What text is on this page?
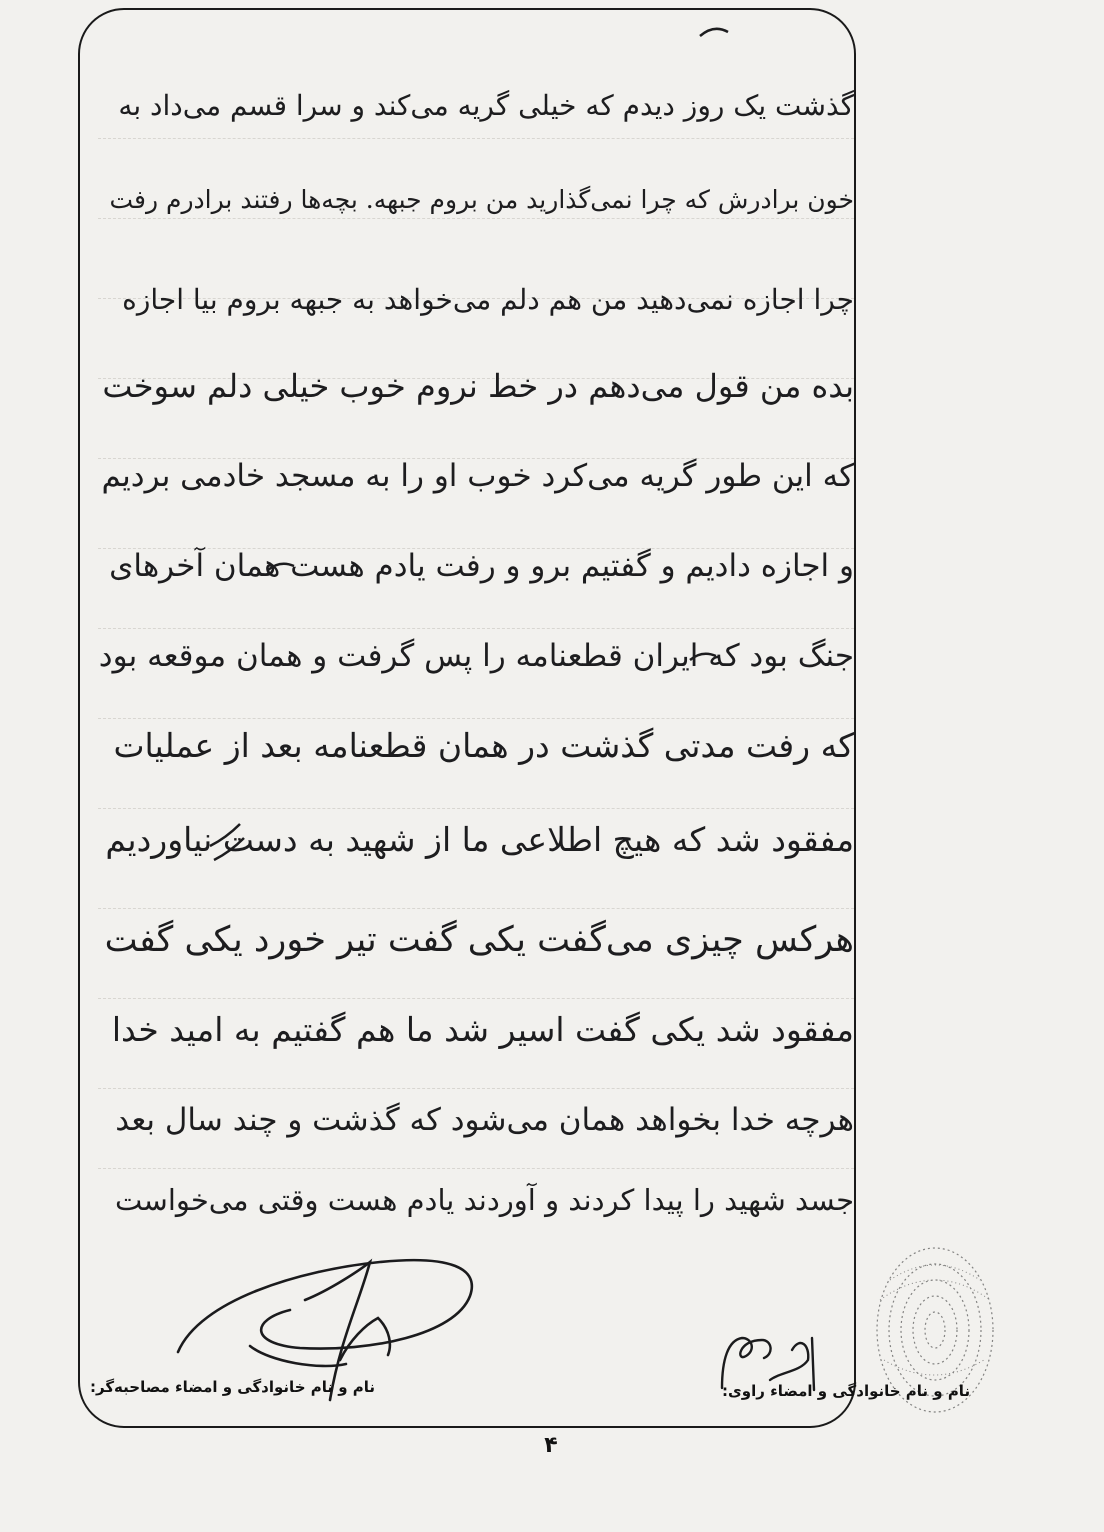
گذشت یک روز دیدم که خیلی گریه می‌کند و سرا قسم می‌داد به
خون برادرش که چرا نمی‌گذارید من بروم جبهه. بچه‌ها رفتند برادرم رفت
چرا اجازه نمی‌دهید من هم دلم می‌خواهد به جبهه بروم بیا اجازه
بده من قول می‌دهم در خط نروم خوب خیلی دلم سوخت
که این طور گریه می‌کرد خوب او را به مسجد خادمی بردیم
و اجازه دادیم و گفتیم برو و رفت یادم هست همان آخرهای
جنگ بود که ایران قطعنامه را پس گرفت و همان موقعه بود
که رفت مدتی گذشت در همان قطعنامه بعد از عملیات
مفقود شد که هیچ اطلاعی ما از شهید به دست نیاوردیم
هرکس چیزی می‌گفت یکی گفت تیر خورد یکی گفت
مفقود شد یکی گفت اسیر شد ما هم گفتیم به امید خدا
هرچه خدا بخواهد همان می‌شود که گذشت و چند سال بعد
جسد شهید را پیدا کردند و آوردند یادم هست وقتی می‌خواست
نام و نام خانوادگی و امضاء مصاحبه‌گر:	نام و نام خانوادگی و امضاء راوی:
۴
